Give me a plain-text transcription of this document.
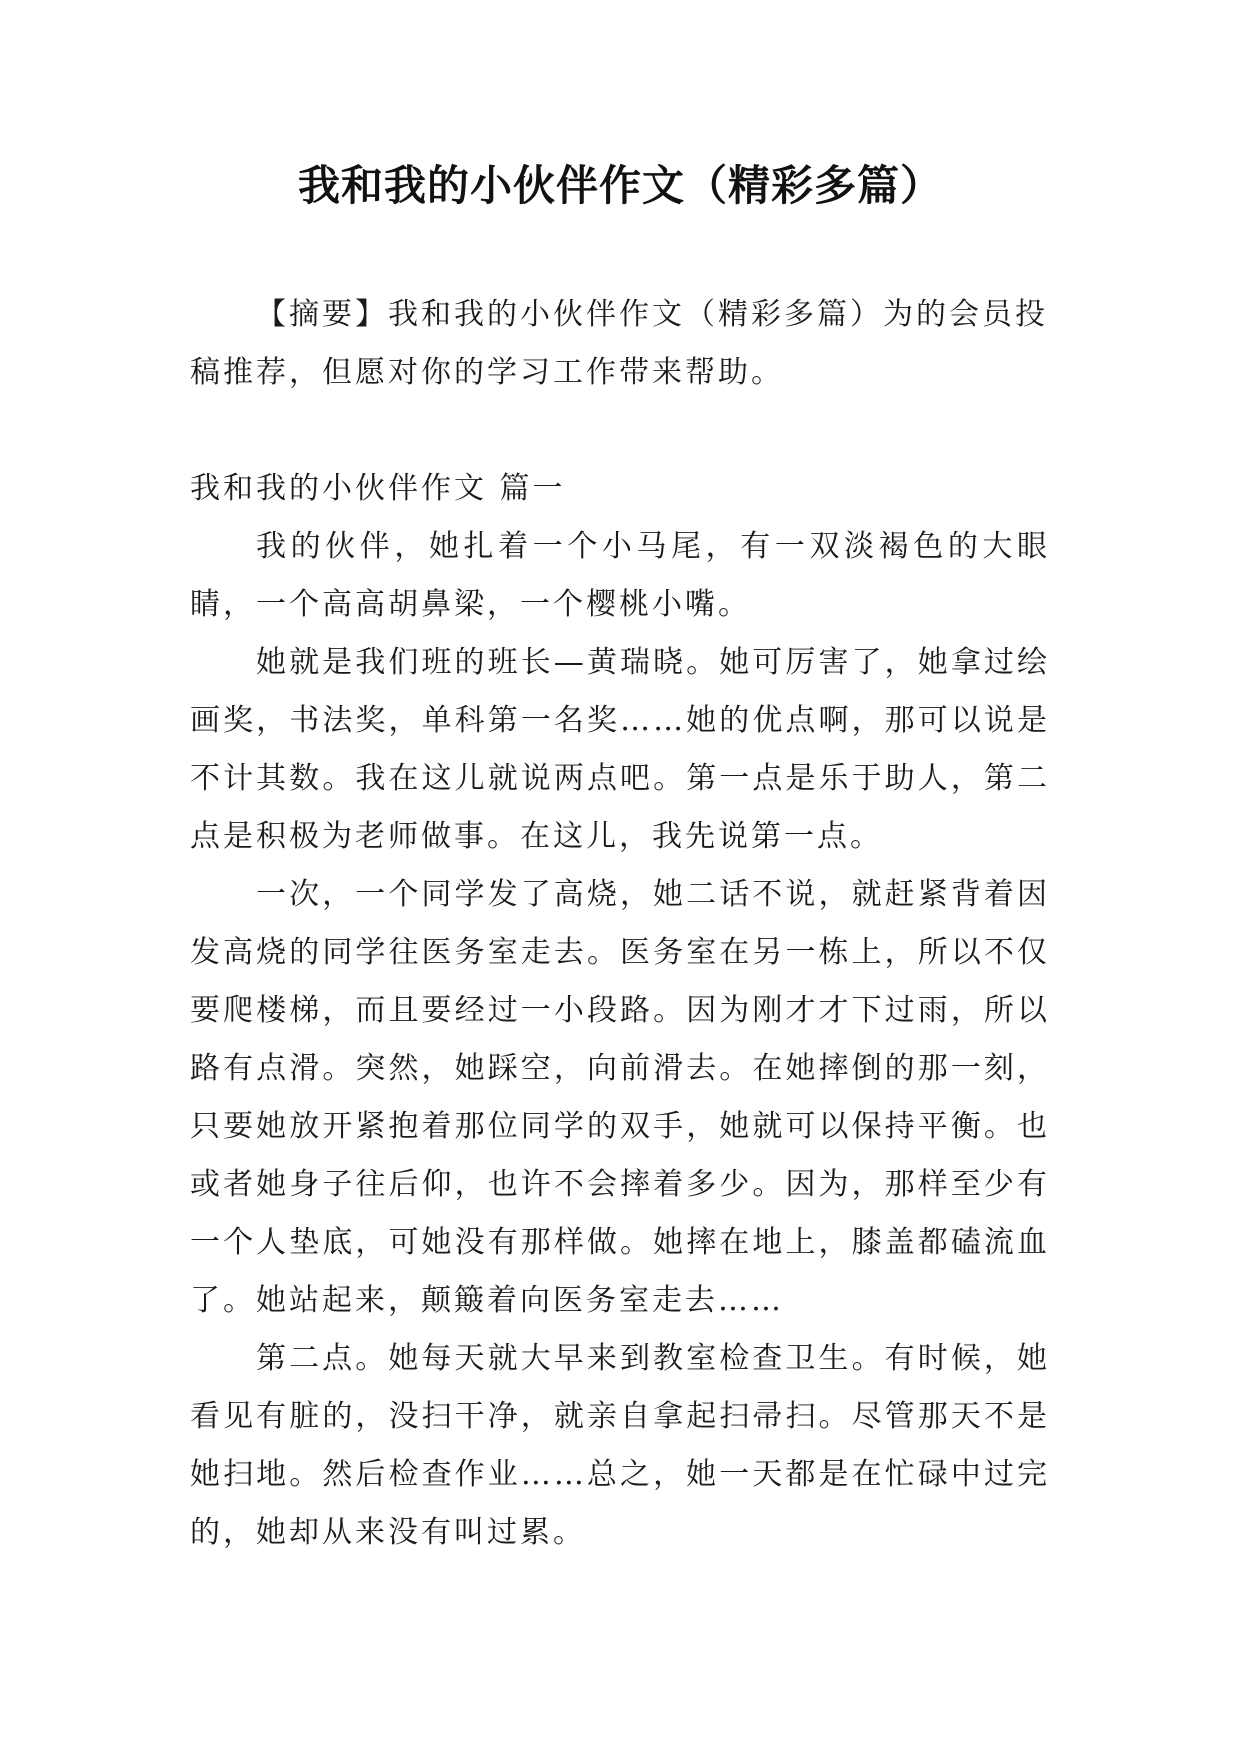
我和我的小伙伴作文（精彩多篇）
【摘要】我和我的小伙伴作文（精彩多篇）为的会员投稿推荐，但愿对你的学习工作带来帮助。

我和我的小伙伴作文 篇一

我的伙伴，她扎着一个小马尾，有一双淡褐色的大眼睛，一个高高胡鼻梁，一个樱桃小嘴。

她就是我们班的班长—黄瑞晓。她可厉害了，她拿过绘画奖，书法奖，单科第一名奖……她的优点啊，那可以说是不计其数。我在这儿就说两点吧。第一点是乐于助人，第二点是积极为老师做事。在这儿，我先说第一点。

一次，一个同学发了高烧，她二话不说，就赶紧背着因发高烧的同学往医务室走去。医务室在另一栋上，所以不仅要爬楼梯，而且要经过一小段路。因为刚才才下过雨，所以路有点滑。突然，她踩空，向前滑去。在她摔倒的那一刻，只要她放开紧抱着那位同学的双手，她就可以保持平衡。也或者她身子往后仰，也许不会摔着多少。因为，那样至少有一个人垫底，可她没有那样做。她摔在地上，膝盖都磕流血了。她站起来，颠簸着向医务室走去……

第二点。她每天就大早来到教室检查卫生。有时候，她看见有脏的，没扫干净，就亲自拿起扫帚扫。尽管那天不是她扫地。然后检查作业……总之，她一天都是在忙碌中过完的，她却从来没有叫过累。
